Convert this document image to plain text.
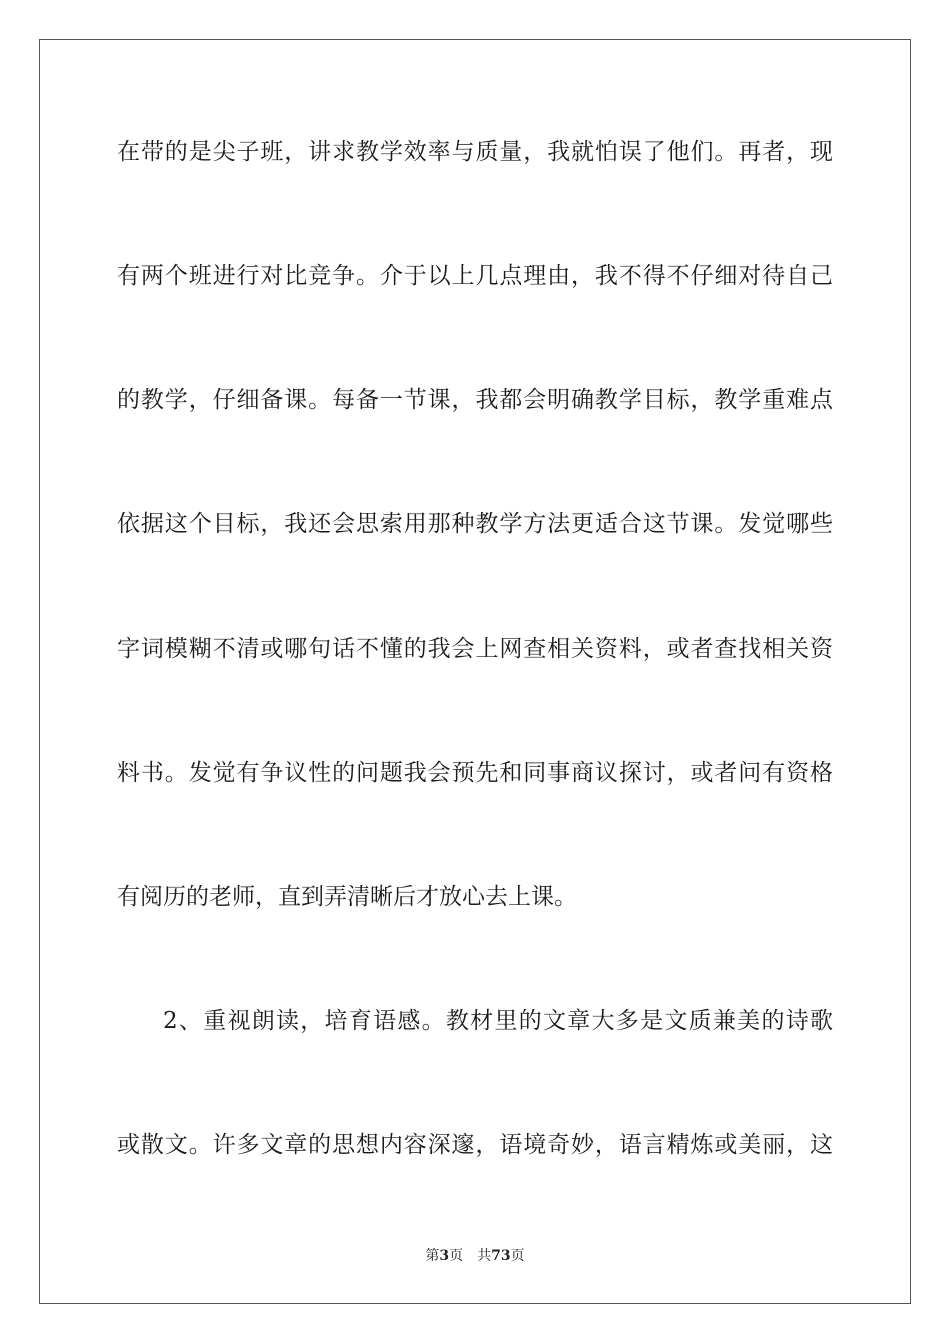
在带的是尖子班，讲求教学效率与质量，我就怕误了他们。再者，现
有两个班进行对比竞争。介于以上几点理由，我不得不仔细对待自己
的教学，仔细备课。每备一节课，我都会明确教学目标，教学重难点
依据这个目标，我还会思索用那种教学方法更适合这节课。发觉哪些
字词模糊不清或哪句话不懂的我会上网查相关资料，或者查找相关资
料书。发觉有争议性的问题我会预先和同事商议探讨，或者问有资格
有阅历的老师，直到弄清晰后才放心去上课。
2、重视朗读，培育语感。教材里的文章大多是文质兼美的诗歌
或散文。许多文章的思想内容深邃，语境奇妙，语言精炼或美丽，这
第3页 共73页
